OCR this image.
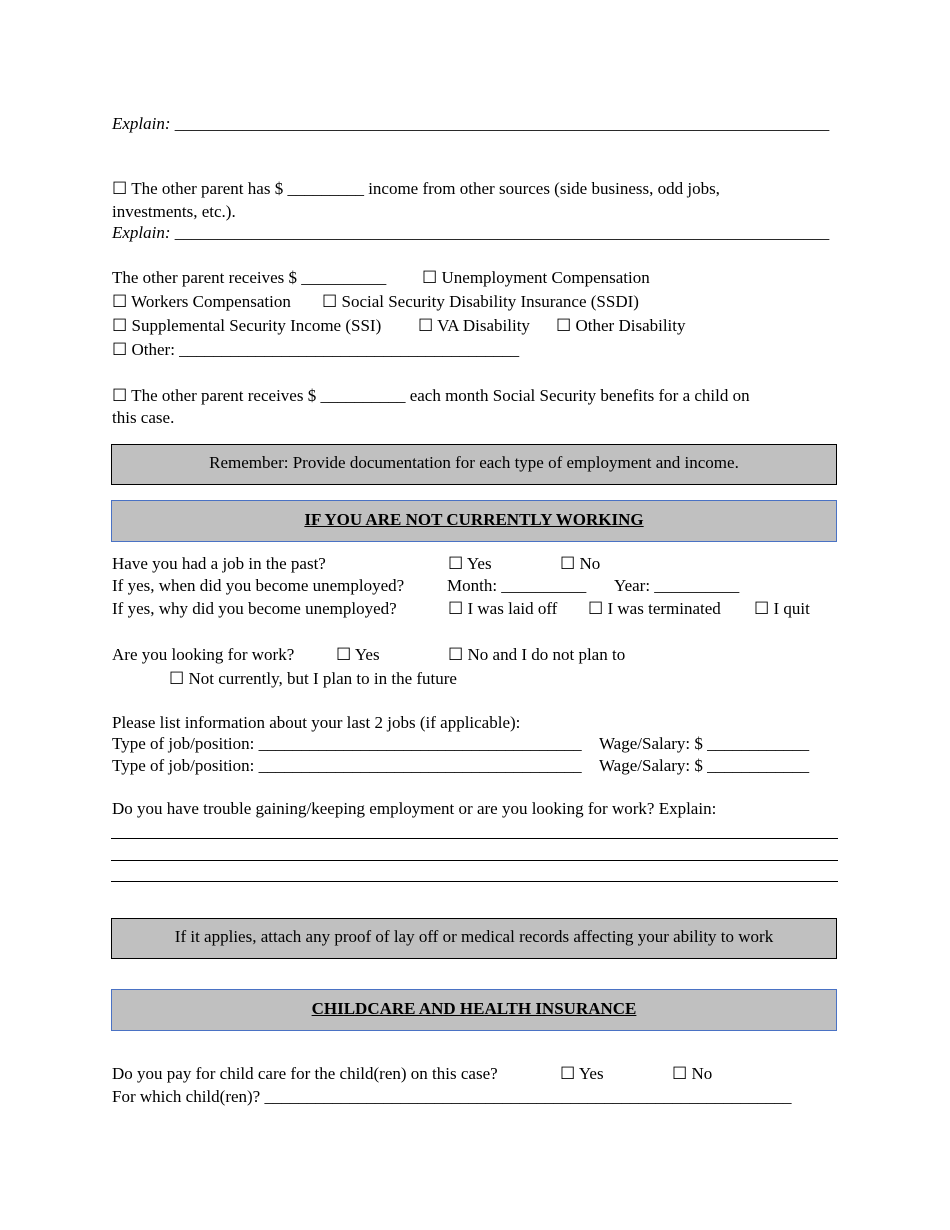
Explain: _____________________________________________________________________________
☐ The other parent has $ _________ income from other sources (side business, odd jobs,
investments, etc.).
Explain: _____________________________________________________________________________
The other parent receives $ __________ ☐ Unemployment Compensation
☐ Workers Compensation ☐ Social Security Disability Insurance (SSDI)
☐ Supplemental Security Income (SSI) ☐ VA Disability ☐ Other Disability
☐ Other: ________________________________________
☐ The other parent receives $ __________ each month Social Security benefits for a child on
this case.
Remember: Provide documentation for each type of employment and income.
IF YOU ARE NOT CURRENTLY WORKING
Have you had a job in the past?	☐ Yes	☐ No
If yes, when did you become unemployed?	Month: __________ Year: __________
If yes, why did you become unemployed?	☐ I was laid off ☐ I was terminated ☐ I quit
Are you looking for work? ☐ Yes	☐ No and I do not plan to
☐ Not currently, but I plan to in the future
Please list information about your last 2 jobs (if applicable):
Type of job/position: ______________________________________ Wage/Salary: $ ____________
Type of job/position: ______________________________________ Wage/Salary: $ ____________
Do you have trouble gaining/keeping employment or are you looking for work? Explain:
If it applies, attach any proof of lay off or medical records affecting your ability to work
CHILDCARE AND HEALTH INSURANCE
Do you pay for child care for the child(ren) on this case?	☐ Yes	☐ No
For which child(ren)? ______________________________________________________________
